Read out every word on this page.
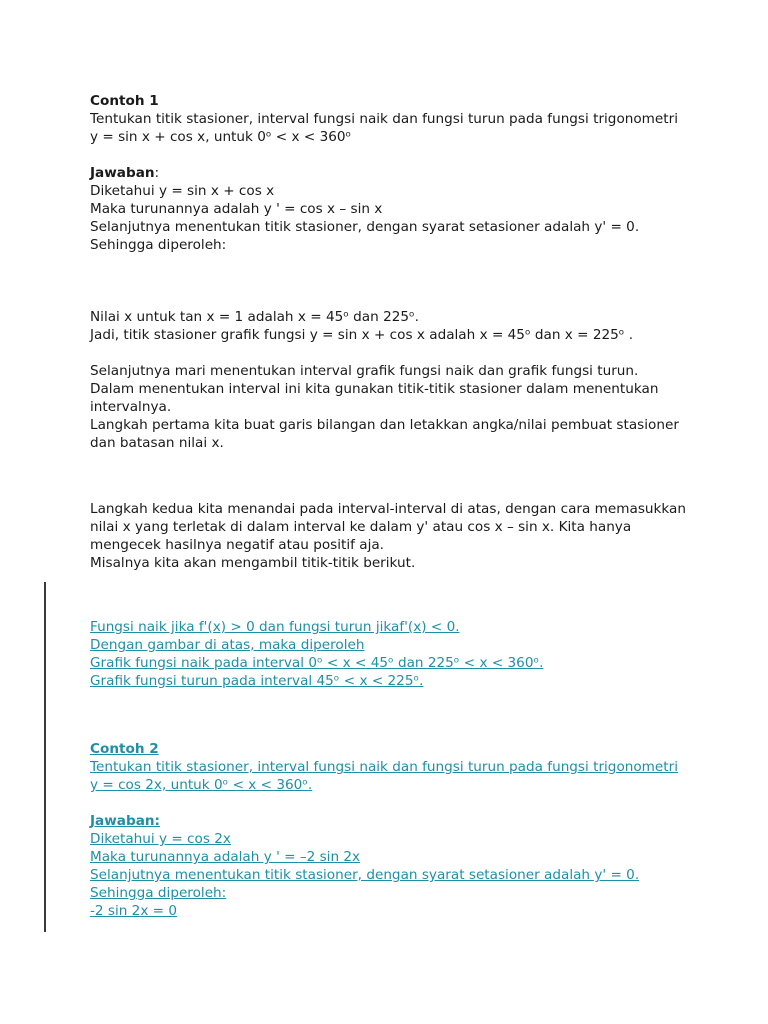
Contoh 1
Tentukan titik stasioner, interval fungsi naik dan fungsi turun pada fungsi trigonometri
y = sin x + cos x, untuk 0ᵒ < x < 360ᵒ
Jawaban:
Diketahui y = sin x + cos x
Maka turunannya adalah y ' = cos x – sin x
Selanjutnya menentukan titik stasioner, dengan syarat setasioner adalah y' = 0.
Sehingga diperoleh:
Nilai x untuk tan x = 1 adalah x = 45ᵒ dan 225ᵒ.
Jadi, titik stasioner grafik fungsi y = sin x + cos x adalah x = 45ᵒ dan x = 225ᵒ .
Selanjutnya mari menentukan interval grafik fungsi naik dan grafik fungsi turun.
Dalam menentukan interval ini kita gunakan titik-titik stasioner dalam menentukan
intervalnya.
Langkah pertama kita buat garis bilangan dan letakkan angka/nilai pembuat stasioner
dan batasan nilai x.
Langkah kedua kita menandai pada interval-interval di atas, dengan cara memasukkan
nilai x yang terletak di dalam interval ke dalam y' atau cos x – sin x. Kita hanya
mengecek hasilnya negatif atau positif aja.
Misalnya kita akan mengambil titik-titik berikut.
Fungsi naik jika f'(x) > 0 dan fungsi turun jikaf'(x) < 0.
Dengan gambar di atas, maka diperoleh
Grafik fungsi naik pada interval 0ᵒ < x < 45ᵒ dan 225ᵒ < x < 360ᵒ.
Grafik fungsi turun pada interval 45ᵒ < x < 225ᵒ.
Contoh 2
Tentukan titik stasioner, interval fungsi naik dan fungsi turun pada fungsi trigonometri
y = cos 2x, untuk 0ᵒ < x < 360ᵒ.
Jawaban:
Diketahui y = cos 2x
Maka turunannya adalah y ' = –2 sin 2x
Selanjutnya menentukan titik stasioner, dengan syarat setasioner adalah y' = 0.
Sehingga diperoleh:
-2 sin 2x = 0
